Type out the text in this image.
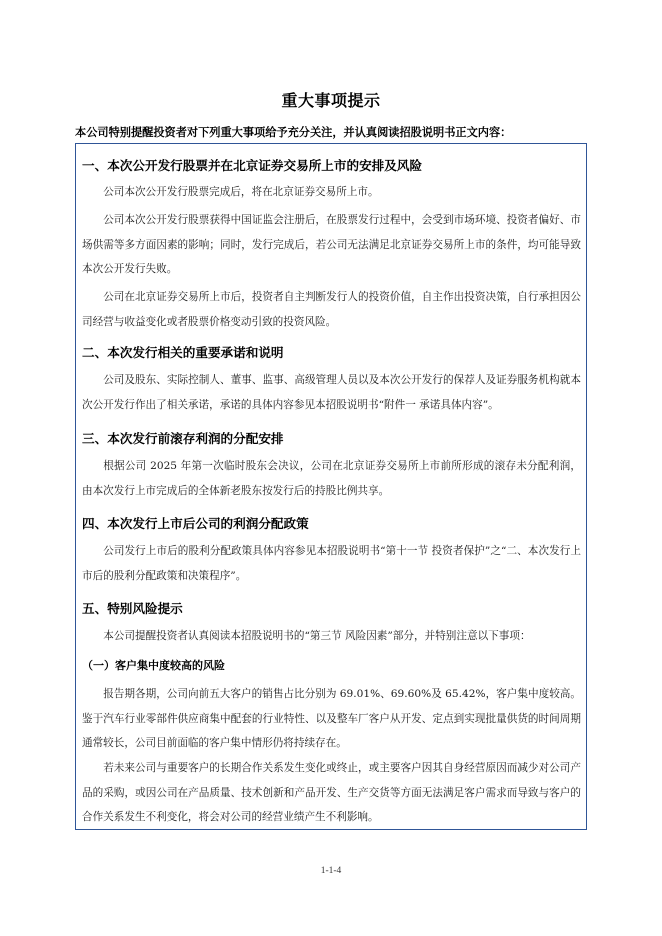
重大事项提示
本公司特别提醒投资者对下列重大事项给予充分关注，并认真阅读招股说明书正文内容：
一、本次公开发行股票并在北京证券交易所上市的安排及风险
公司本次公开发行股票完成后，将在北京证券交易所上市。
公司本次公开发行股票获得中国证监会注册后，在股票发行过程中，会受到市场环境、投资者偏好、市场供需等多方面因素的影响；同时，发行完成后，若公司无法满足北京证券交易所上市的条件，均可能导致本次公开发行失败。
公司在北京证券交易所上市后，投资者自主判断发行人的投资价值，自主作出投资决策，自行承担因公司经营与收益变化或者股票价格变动引致的投资风险。
二、本次发行相关的重要承诺和说明
公司及股东、实际控制人、董事、监事、高级管理人员以及本次公开发行的保荐人及证券服务机构就本次公开发行作出了相关承诺，承诺的具体内容参见本招股说明书“附件一 承诺具体内容”。
三、本次发行前滚存利润的分配安排
根据公司 2025 年第一次临时股东会决议，公司在北京证券交易所上市前所形成的滚存未分配利润，由本次发行上市完成后的全体新老股东按发行后的持股比例共享。
四、本次发行上市后公司的利润分配政策
公司发行上市后的股利分配政策具体内容参见本招股说明书“第十一节 投资者保护”之“二、本次发行上市后的股利分配政策和决策程序”。
五、特别风险提示
本公司提醒投资者认真阅读本招股说明书的“第三节 风险因素”部分，并特别注意以下事项：
（一）客户集中度较高的风险
报告期各期，公司向前五大客户的销售占比分别为 69.01%、69.60%及 65.42%，客户集中度较高。鉴于汽车行业零部件供应商集中配套的行业特性、以及整车厂客户从开发、定点到实现批量供货的时间周期通常较长，公司目前面临的客户集中情形仍将持续存在。
若未来公司与重要客户的长期合作关系发生变化或终止，或主要客户因其自身经营原因而减少对公司产品的采购，或因公司在产品质量、技术创新和产品开发、生产交货等方面无法满足客户需求而导致与客户的合作关系发生不利变化，将会对公司的经营业绩产生不利影响。
1-1-4
